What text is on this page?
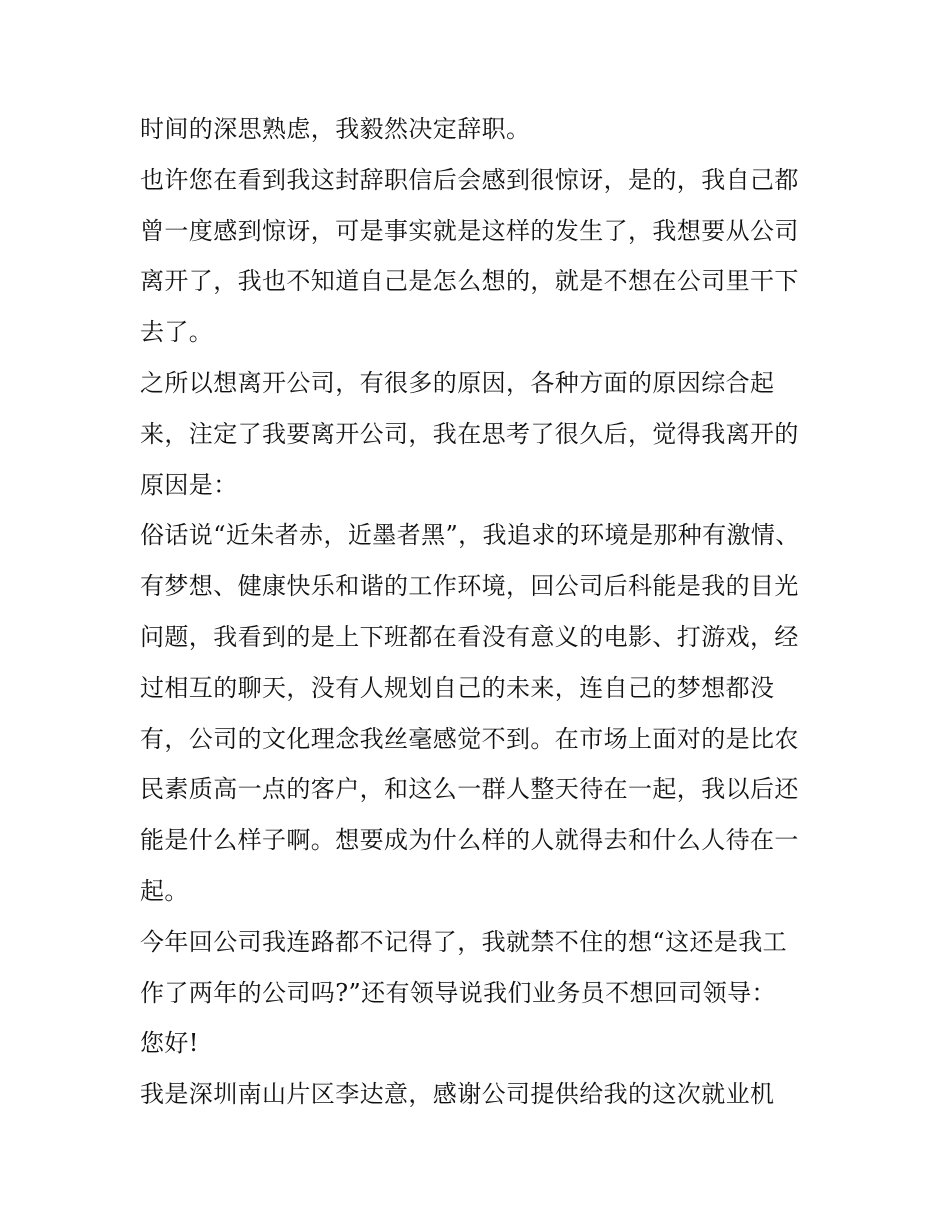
时间的深思熟虑，我毅然决定辞职。
也许您在看到我这封辞职信后会感到很惊讶，是的，我自己都
曾一度感到惊讶，可是事实就是这样的发生了，我想要从公司
离开了，我也不知道自己是怎么想的，就是不想在公司里干下
去了。
之所以想离开公司，有很多的原因，各种方面的原因综合起
来，注定了我要离开公司，我在思考了很久后，觉得我离开的
原因是：
俗话说“近朱者赤，近墨者黑”，我追求的环境是那种有激情、
有梦想、健康快乐和谐的工作环境，回公司后科能是我的目光
问题，我看到的是上下班都在看没有意义的电影、打游戏，经
过相互的聊天，没有人规划自己的未来，连自己的梦想都没
有，公司的文化理念我丝毫感觉不到。在市场上面对的是比农
民素质高一点的客户，和这么一群人整天待在一起，我以后还
能是什么样子啊。想要成为什么样的人就得去和什么人待在一
起。
今年回公司我连路都不记得了，我就禁不住的想“这还是我工
作了两年的公司吗?”还有领导说我们业务员不想回司领导：
您好!
我是深圳南山片区李达意，感谢公司提供给我的这次就业机
